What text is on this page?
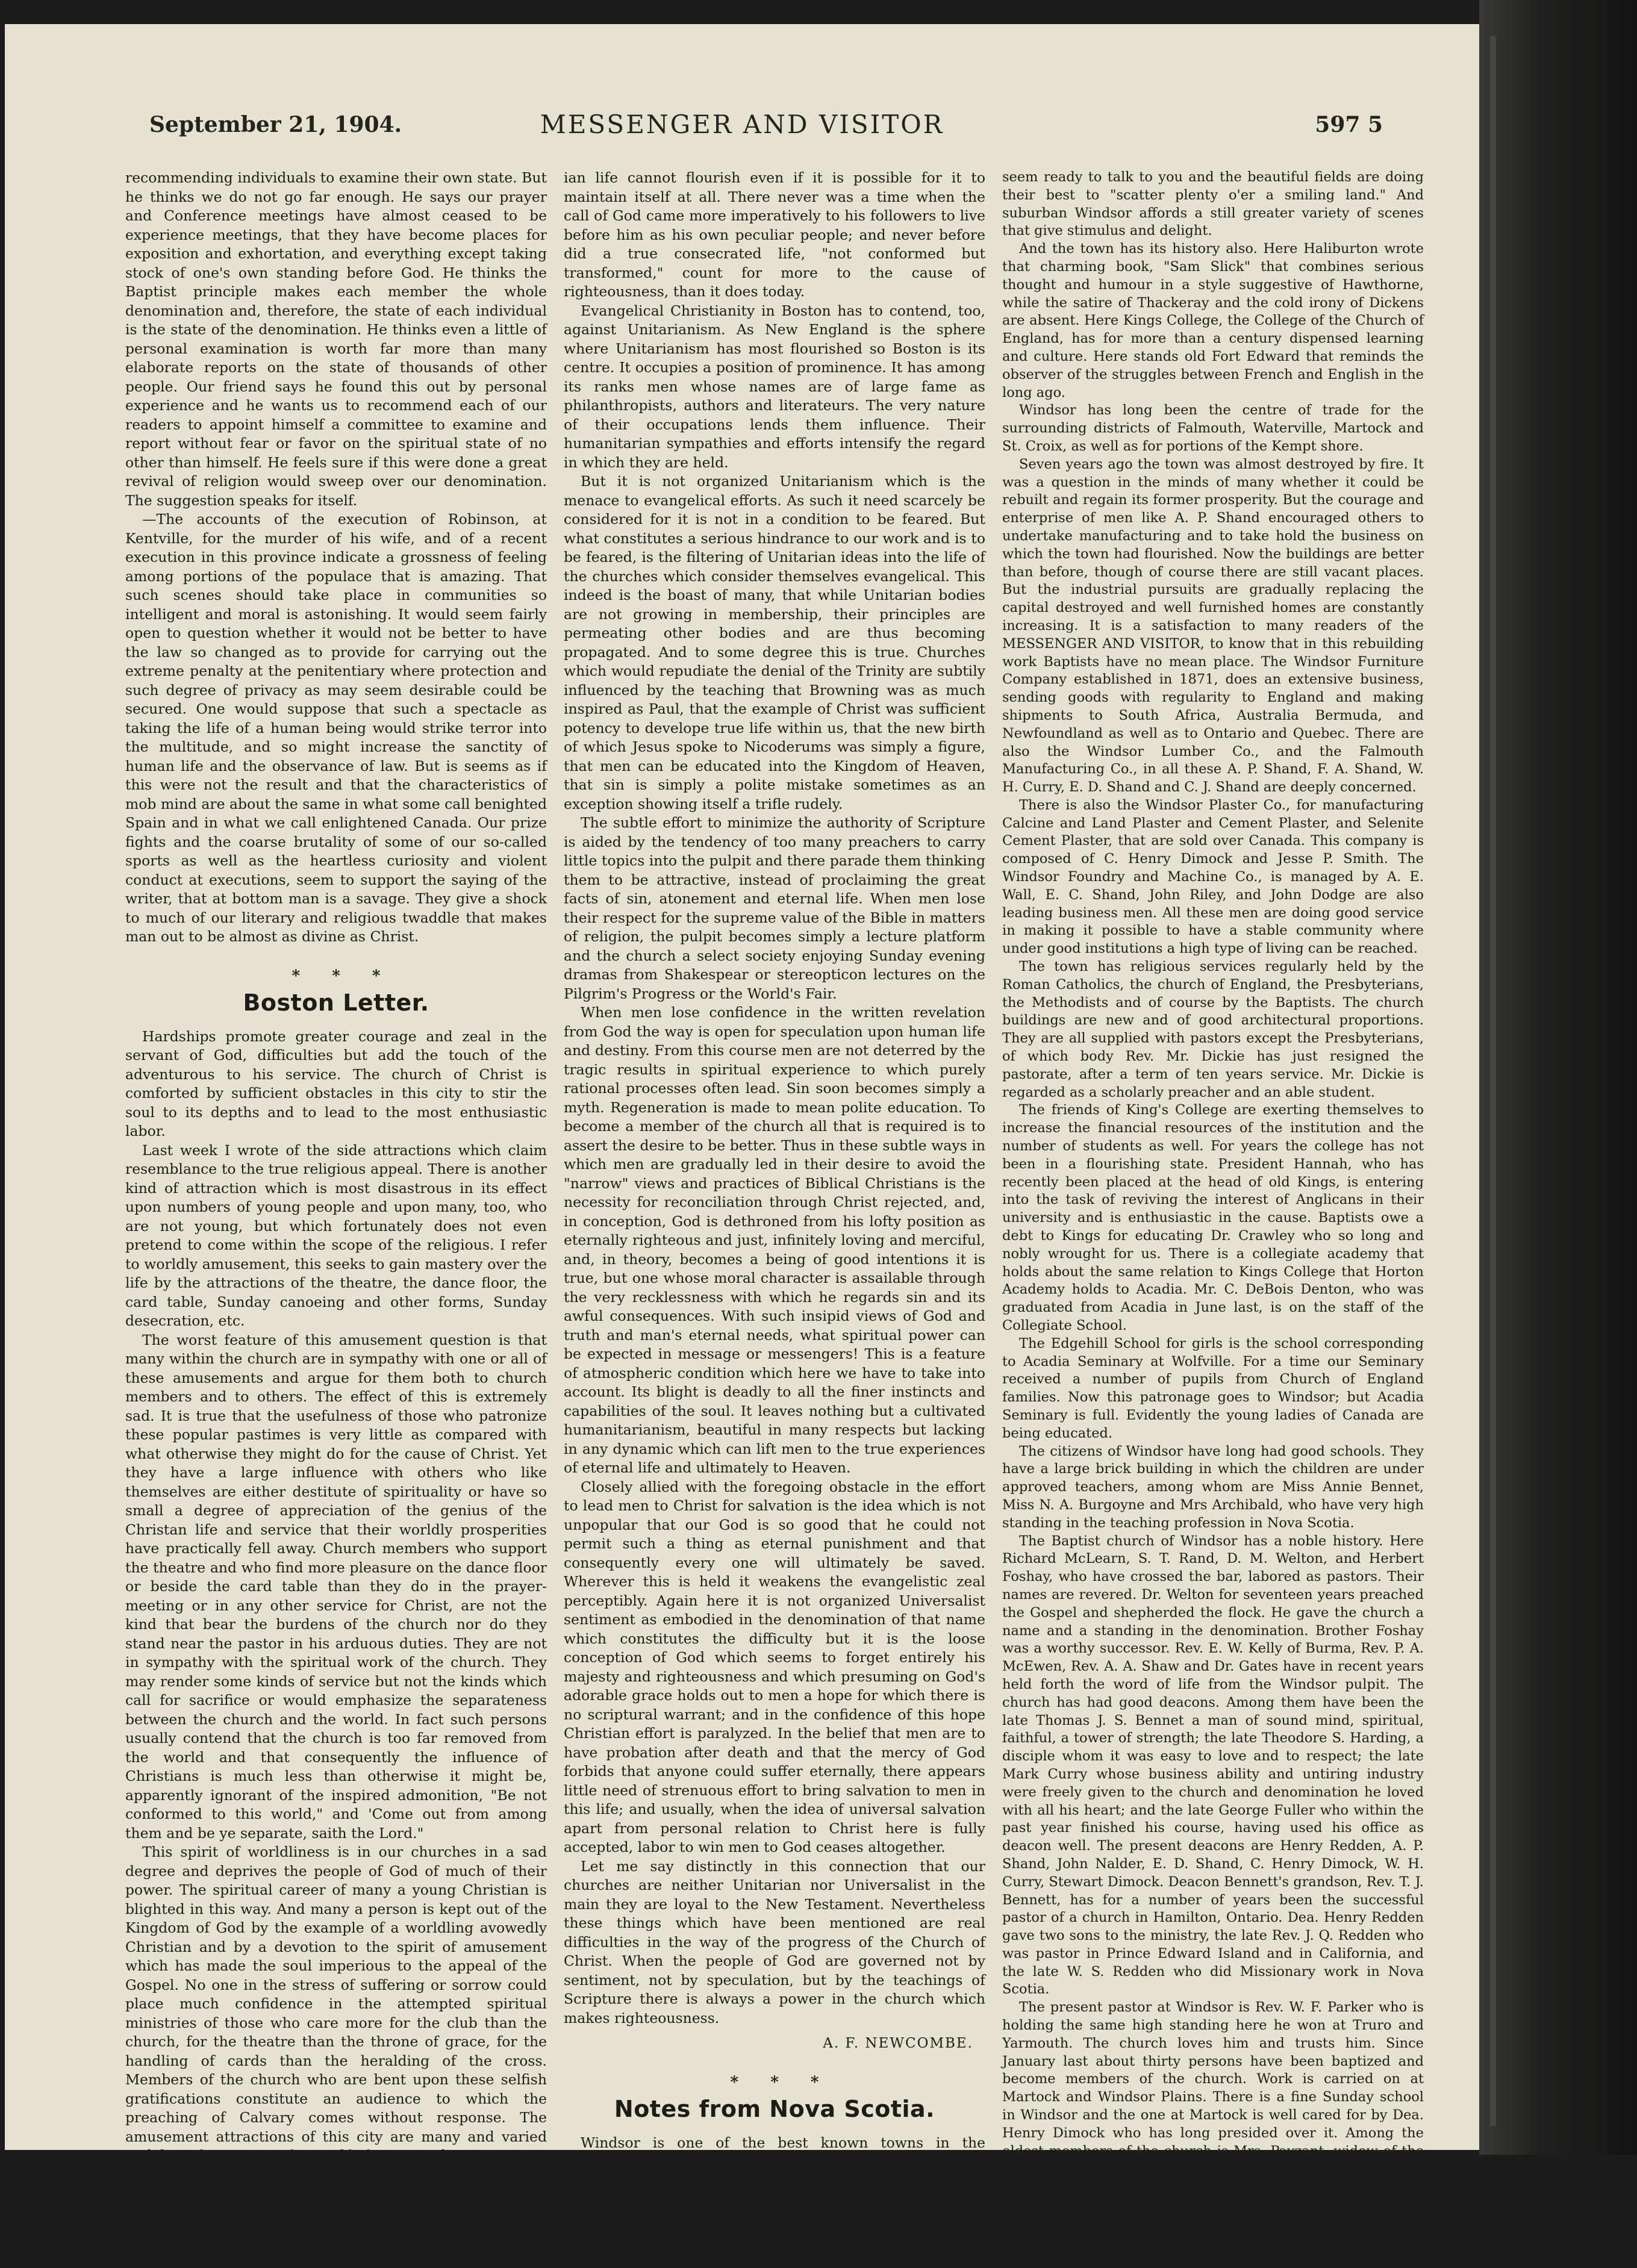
September 21, 1904.	MESSENGER AND VISITOR	597 5

recommending individuals to examine their own state. But he thinks we do not go far enough. He says our prayer and Conference meetings have almost ceased to be experience meetings, that they have become places for exposition and exhortation, and everything except taking stock of one's own standing before God. He thinks the Baptist principle makes each member the whole denomination and, therefore, the state of each individual is the state of the denomination. He thinks even a little of personal examination is worth far more than many elaborate reports on the state of thousands of other people. Our friend says he found this out by personal experience and he wants us to recommend each of our readers to appoint himself a committee to examine and report without fear or favor on the spiritual state of no other than himself. He feels sure if this were done a great revival of religion would sweep over our denomination. The suggestion speaks for itself.

—The accounts of the execution of Robinson, at Kentville, for the murder of his wife, and of a recent execution in this province indicate a grossness of feeling among portions of the populace that is amazing. That such scenes should take place in communities so intelligent and moral is astonishing. It would seem fairly open to question whether it would not be better to have the law so changed as to provide for carrying out the extreme penalty at the penitentiary where protection and such degree of privacy as may seem desirable could be secured. One would suppose that such a spectacle as taking the life of a human being would strike terror into the multitude, and so might increase the sanctity of human life and the observance of law. But is seems as if this were not the result and that the characteristics of mob mind are about the same in what some call benighted Spain and in what we call enlightened Canada. Our prize fights and the coarse brutality of some of our so-called sports as well as the heartless curiosity and violent conduct at executions, seem to support the saying of the writer, that at bottom man is a savage. They give a shock to much of our literary and religious twaddle that makes man out to be almost as divine as Christ.

* * *
Boston Letter.

Hardships promote greater courage and zeal in the servant of God, difficulties but add the touch of the adventurous to his service. The church of Christ is comforted by sufficient obstacles in this city to stir the soul to its depths and to lead to the most enthusiastic labor.

Last week I wrote of the side attractions which claim resemblance to the true religious appeal. There is another kind of attraction which is most disastrous in its effect upon numbers of young people and upon many, too, who are not young, but which fortunately does not even pretend to come within the scope of the religious. I refer to worldly amusement, this seeks to gain mastery over the life by the attractions of the theatre, the dance floor, the card table, Sunday canoeing and other forms, Sunday desecration, etc.

The worst feature of this amusement question is that many within the church are in sympathy with one or all of these amusements and argue for them both to church members and to others. The effect of this is extremely sad. It is true that the usefulness of those who patronize these popular pastimes is very little as compared with what otherwise they might do for the cause of Christ. Yet they have a large influence with others who like themselves are either destitute of spirituality or have so small a degree of appreciation of the genius of the Christan life and service that their worldly prosperities have practically fell away. Church members who support the theatre and who find more pleasure on the dance floor or beside the card table than they do in the prayer-meeting or in any other service for Christ, are not the kind that bear the burdens of the church nor do they stand near the pastor in his arduous duties. They are not in sympathy with the spiritual work of the church. They may render some kinds of service but not the kinds which call for sacrifice or would emphasize the separateness between the church and the world. In fact such persons usually contend that the church is too far removed from the world and that consequently the influence of Christians is much less than otherwise it might be, apparently ignorant of the inspired admonition, "Be not conformed to this world," and 'Come out from among them and be ye separate, saith the Lord."

This spirit of worldliness is in our churches in a sad degree and deprives the people of God of much of their power. The spiritual career of many a young Christian is blighted in this way. And many a person is kept out of the Kingdom of God by the example of a worldling avowedly Christian and by a devotion to the spirit of amusement which has made the soul imperious to the appeal of the Gospel. No one in the stress of suffering or sorrow could place much confidence in the attempted spiritual ministries of those who care more for the club than the church, for the theatre than the throne of grace, for the handling of cards than the heralding of the cross. Members of the church who are bent upon these selfish gratifications constitute an audience to which the preaching of Calvary comes without response. The amusement attractions of this city are many and varied and furnish an atmosphere of lightness and insincerity in which the Christ-

ian life cannot flourish even if it is possible for it to maintain itself at all. There never was a time when the call of God came more imperatively to his followers to live before him as his own peculiar people; and never before did a true consecrated life, "not conformed but transformed," count for more to the cause of righteousness, than it does today.

Evangelical Christianity in Boston has to contend, too, against Unitarianism. As New England is the sphere where Unitarianism has most flourished so Boston is its centre. It occupies a position of prominence. It has among its ranks men whose names are of large fame as philanthropists, authors and literateurs. The very nature of their occupations lends them influence. Their humanitarian sympathies and efforts intensify the regard in which they are held.

But it is not organized Unitarianism which is the menace to evangelical efforts. As such it need scarcely be considered for it is not in a condition to be feared. But what constitutes a serious hindrance to our work and is to be feared, is the filtering of Unitarian ideas into the life of the churches which consider themselves evangelical. This indeed is the boast of many, that while Unitarian bodies are not growing in membership, their principles are permeating other bodies and are thus becoming propagated. And to some degree this is true. Churches which would repudiate the denial of the Trinity are subtily influenced by the teaching that Browning was as much inspired as Paul, that the example of Christ was sufficient potency to develope true life within us, that the new birth of which Jesus spoke to Nicoderums was simply a figure, that men can be educated into the Kingdom of Heaven, that sin is simply a polite mistake sometimes as an exception showing itself a trifle rudely.

The subtle effort to minimize the authority of Scripture is aided by the tendency of too many preachers to carry little topics into the pulpit and there parade them thinking them to be attractive, instead of proclaiming the great facts of sin, atonement and eternal life. When men lose their respect for the supreme value of the Bible in matters of religion, the pulpit becomes simply a lecture platform and the church a select society enjoying Sunday evening dramas from Shakespear or stereopticon lectures on the Pilgrim's Progress or the World's Fair.

When men lose confidence in the written revelation from God the way is open for speculation upon human life and destiny. From this course men are not deterred by the tragic results in spiritual experience to which purely rational processes often lead. Sin soon becomes simply a myth. Regeneration is made to mean polite education. To become a member of the church all that is required is to assert the desire to be better. Thus in these subtle ways in which men are gradually led in their desire to avoid the "narrow" views and practices of Biblical Christians is the necessity for reconciliation through Christ rejected, and, in conception, God is dethroned from his lofty position as eternally righteous and just, infinitely loving and merciful, and, in theory, becomes a being of good intentions it is true, but one whose moral character is assailable through the very recklessness with which he regards sin and its awful consequences. With such insipid views of God and truth and man's eternal needs, what spiritual power can be expected in message or messengers! This is a feature of atmospheric condition which here we have to take into account. Its blight is deadly to all the finer instincts and capabilities of the soul. It leaves nothing but a cultivated humanitarianism, beautiful in many respects but lacking in any dynamic which can lift men to the true experiences of eternal life and ultimately to Heaven.

Closely allied with the foregoing obstacle in the effort to lead men to Christ for salvation is the idea which is not unpopular that our God is so good that he could not permit such a thing as eternal punishment and that consequently every one will ultimately be saved. Wherever this is held it weakens the evangelistic zeal perceptibly. Again here it is not organized Universalist sentiment as embodied in the denomination of that name which constitutes the difficulty but it is the loose conception of God which seems to forget entirely his majesty and righteousness and which presuming on God's adorable grace holds out to men a hope for which there is no scriptural warrant; and in the confidence of this hope Christian effort is paralyzed. In the belief that men are to have probation after death and that the mercy of God forbids that anyone could suffer eternally, there appears little need of strenuous effort to bring salvation to men in this life; and usually, when the idea of universal salvation apart from personal relation to Christ here is fully accepted, labor to win men to God ceases altogether.

Let me say distinctly in this connection that our churches are neither Unitarian nor Universalist in the main they are loyal to the New Testament. Nevertheless these things which have been mentioned are real difficulties in the way of the progress of the Church of Christ. When the people of God are governed not by sentiment, not by speculation, but by the teachings of Scripture there is always a power in the church which makes righteousness.

A. F. NEWCOMBE.
* * *
Notes from Nova Scotia.

Windsor is one of the best known towns in the provinces. Its situation on the river Avon, which empties into the Basin of Minas, is picturesque and beautiful. From Ferry Hill, Fort Edward, Edgehill, the views, though not so extensive as those obtained of other places mentioned in previous articles, are simply charming. The little hills and valleys

seem ready to talk to you and the beautiful fields are doing their best to "scatter plenty o'er a smiling land." And suburban Windsor affords a still greater variety of scenes that give stimulus and delight.

And the town has its history also. Here Haliburton wrote that charming book, "Sam Slick" that combines serious thought and humour in a style suggestive of Hawthorne, while the satire of Thackeray and the cold irony of Dickens are absent. Here Kings College, the College of the Church of England, has for more than a century dispensed learning and culture. Here stands old Fort Edward that reminds the observer of the struggles between French and English in the long ago.

Windsor has long been the centre of trade for the surrounding districts of Falmouth, Waterville, Martock and St. Croix, as well as for portions of the Kempt shore.

Seven years ago the town was almost destroyed by fire. It was a question in the minds of many whether it could be rebuilt and regain its former prosperity. But the courage and enterprise of men like A. P. Shand encouraged others to undertake manufacturing and to take hold the business on which the town had flourished. Now the buildings are better than before, though of course there are still vacant places. But the industrial pursuits are gradually replacing the capital destroyed and well furnished homes are constantly increasing. It is a satisfaction to many readers of the MESSENGER AND VISITOR, to know that in this rebuilding work Baptists have no mean place. The Windsor Furniture Company established in 1871, does an extensive business, sending goods with regularity to England and making shipments to South Africa, Australia Bermuda, and Newfoundland as well as to Ontario and Quebec. There are also the Windsor Lumber Co., and the Falmouth Manufacturing Co., in all these A. P. Shand, F. A. Shand, W. H. Curry, E. D. Shand and C. J. Shand are deeply concerned.

There is also the Windsor Plaster Co., for manufacturing Calcine and Land Plaster and Cement Plaster, and Selenite Cement Plaster, that are sold over Canada. This company is composed of C. Henry Dimock and Jesse P. Smith. The Windsor Foundry and Machine Co., is managed by A. E. Wall, E. C. Shand, John Riley, and John Dodge are also leading business men. All these men are doing good service in making it possible to have a stable community where under good institutions a high type of living can be reached.

The town has religious services regularly held by the Roman Catholics, the church of England, the Presbyterians, the Methodists and of course by the Baptists. The church buildings are new and of good architectural proportions. They are all supplied with pastors except the Presbyterians, of which body Rev. Mr. Dickie has just resigned the pastorate, after a term of ten years service. Mr. Dickie is regarded as a scholarly preacher and an able student.

The friends of King's College are exerting themselves to increase the financial resources of the institution and the number of students as well. For years the college has not been in a flourishing state. President Hannah, who has recently been placed at the head of old Kings, is entering into the task of reviving the interest of Anglicans in their university and is enthusiastic in the cause. Baptists owe a debt to Kings for educating Dr. Crawley who so long and nobly wrought for us. There is a collegiate academy that holds about the same relation to Kings College that Horton Academy holds to Acadia. Mr. C. DeBois Denton, who was graduated from Acadia in June last, is on the staff of the Collegiate School.

The Edgehill School for girls is the school corresponding to Acadia Seminary at Wolfville. For a time our Seminary received a number of pupils from Church of England families. Now this patronage goes to Windsor; but Acadia Seminary is full. Evidently the young ladies of Canada are being educated.

The citizens of Windsor have long had good schools. They have a large brick building in which the children are under approved teachers, among whom are Miss Annie Bennet, Miss N. A. Burgoyne and Mrs Archibald, who have very high standing in the teaching profession in Nova Scotia.

The Baptist church of Windsor has a noble history. Here Richard McLearn, S. T. Rand, D. M. Welton, and Herbert Foshay, who have crossed the bar, labored as pastors. Their names are revered. Dr. Welton for seventeen years preached the Gospel and shepherded the flock. He gave the church a name and a standing in the denomination. Brother Foshay was a worthy successor. Rev. E. W. Kelly of Burma, Rev. P. A. McEwen, Rev. A. A. Shaw and Dr. Gates have in recent years held forth the word of life from the Windsor pulpit. The church has had good deacons. Among them have been the late Thomas J. S. Bennet a man of sound mind, spiritual, faithful, a tower of strength; the late Theodore S. Harding, a disciple whom it was easy to love and to respect; the late Mark Curry whose business ability and untiring industry were freely given to the church and denomination he loved with all his heart; and the late George Fuller who within the past year finished his course, having used his office as deacon well. The present deacons are Henry Redden, A. P. Shand, John Nalder, E. D. Shand, C. Henry Dimock, W. H. Curry, Stewart Dimock. Deacon Bennett's grandson, Rev. T. J. Bennett, has for a number of years been the successful pastor of a church in Hamilton, Ontario. Dea. Henry Redden gave two sons to the ministry, the late Rev. J. Q. Redden who was pastor in Prince Edward Island and in California, and the late W. S. Redden who did Missionary work in Nova Scotia.

The present pastor at Windsor is Rev. W. F. Parker who is holding the same high standing here he won at Truro and Yarmouth. The church loves him and trusts him. Since January last about thirty persons have been baptized and become members of the church. Work is carried on at Martock and Windsor Plains. There is a fine Sunday school in Windsor and the one at Martock is well cared for by Dea. Henry Dimock who has long presided over it. Among the oldest members of the church is Mrs. Payzant, widow of the late G. P. Payzant who made so large a bequest to Acadia. Mrs. Payzant is in advanced years and is sorely afflicted in the loss of her sight. But she murmurs not. On the contrary she bears the same strong testimony to the lovingkindness of the Lord which she has borne in the church for the greater part of its history.
